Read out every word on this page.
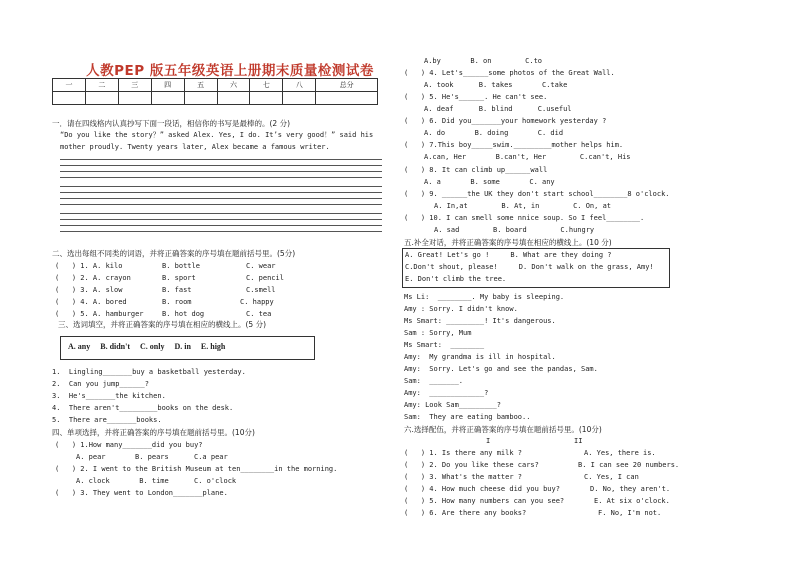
人教PEP 版五年级英语上册期末质量检测试卷
一	二	三	四	五	六	七	八	总分

一．请在四线格内认真抄写下面一段话，相信你的书写是最棒的。(2 分)
“Do you like the story？” asked Alex. Yes, I do. It’s very good！” said his
mother proudly. Twenty years later, Alex became a famous writer.
二、选出每组不同类的词语，并将正确答案的序号填在题前括号里。(5分)
(   ) 1. A. kilo	B. bottle	C. wear
(   ) 2. A. crayon	B. sport	C. pencil
(   ) 3. A. slow	B. fast	C.smell
(   ) 4. A. bored	B. room	C. happy
(   ) 5. A. hamburger	B. hot dog	C. tea
三、选词填空，并将正确答案的序号填在相应的横线上。(5 分)
A. any     B. didn't     C. only     D. in     E. high
1.  Lingling_______buy a basketball yesterday.
2.  Can you jump______?
3.  He's_______the kitchen.
4.  There aren't_________books on the desk.
5.  There are_______books.
四、单项选择，并将正确答案的序号填在题前括号里。(10分)
(   ) 1.How many_______did you buy?
A. pear       B. pears      C.a pear
(   ) 2. I went to the British Museum at ten________in the morning.
A. clock       B. time      C. o'clock
(   ) 3. They went to London_______plane.
A.by       B. on        C.to
(   ) 4. Let's______some photos of the Great Wall.
A. took      B. takes       C.take
(   ) 5. He's______. He can't see.
A. deaf      B. blind      C.useful
(   ) 6. Did you_______your homework yesterday ?
A. do       B. doing       C. did
(   ) 7.This boy_____swim._________mother helps him.
A.can, Her       B.can't, Her        C.can't, His
(   ) 8. It can climb up______wall
A. a       B. some       C. any
(   ) 9. ______the UK they don't start school________8 o'clock.
A. In,at        B. At, in        C. On, at
(   ) 10. I can smell some nnice soup. So I feel________.
A. sad        B. board        C.hungry
五.补全对话，并将正确答案的序号填在相应的横线上。(10 分)
A. Great! Let's go !     B. What are they doing ?
C.Don't shout, please!     D. Don't walk on the grass, Amy!
E. Don't climb the tree.
Ms Li:  ________. My baby is sleeping.
Amy : Sorry. I didn't know.
Ms Smart: _________! It's dangerous.
Sam : Sorry, Mum
Ms Smart:  ________
Amy:  My grandma is ill in hospital.
Amy:  Sorry. Let's go and see the pandas, Sam.
Sam:  _______.
Amy:  _____________?
Amy: Look Sam_________?
Sam:  They are eating bamboo..
六.选择配伍，并将正确答案的序号填在题前括号里。(10分)
I	II
(   ) 1. Is there any milk ?	A. Yes, there is.
(   ) 2. Do you like these cars?	B. I can see 20 numbers.
(   ) 3. What's the matter ?	C. Yes, I can
(   ) 4. How much cheese did you buy?	D. No, they aren't.
(   ) 5. How many numbers can you see?	E. At six o'clock.
(   ) 6. Are there any books?	F. No, I'm not.
